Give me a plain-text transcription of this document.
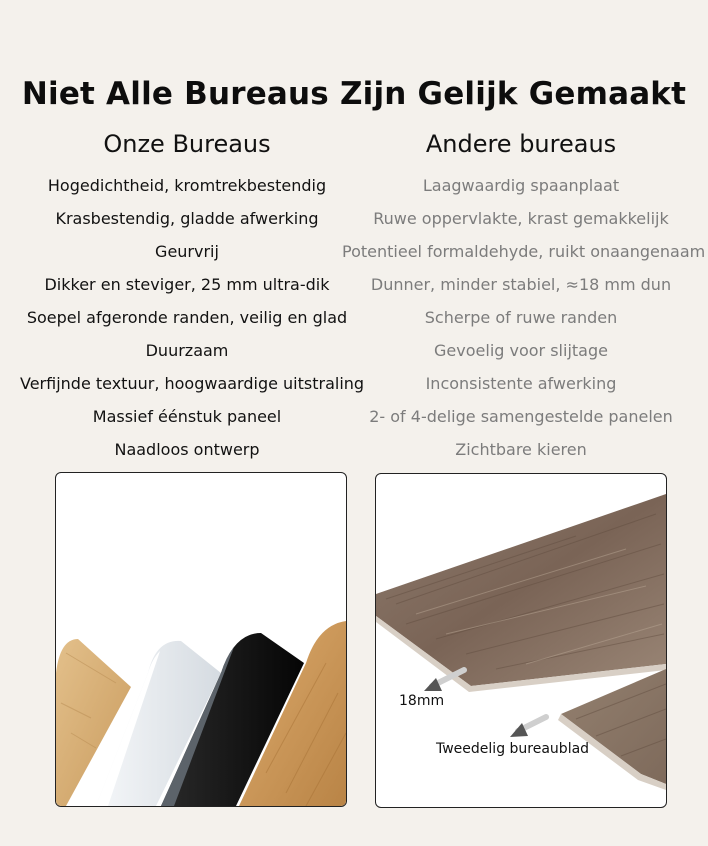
Niet Alle Bureaus Zijn Gelijk Gemaakt
Onze Bureaus	Andere bureaus
Hogedichtheid, kromtrekbestendig	Laagwaardig spaanplaat
Krasbestendig, gladde afwerking	Ruwe oppervlakte, krast gemakkelijk
Geurvrij	Potentieel formaldehyde, ruikt onaangenaam
Dikker en steviger, 25 mm ultra-dik	Dunner, minder stabiel, ≈18 mm dun
Soepel afgeronde randen, veilig en glad	Scherpe of ruwe randen
Duurzaam	Gevoelig voor slijtage
Verfijnde textuur, hoogwaardige uitstraling	Inconsistente afwerking
Massief éénstuk paneel	2- of 4-delige samengestelde panelen
Naadloos ontwerp	Zichtbare kieren
18mm
Tweedelig bureaublad
